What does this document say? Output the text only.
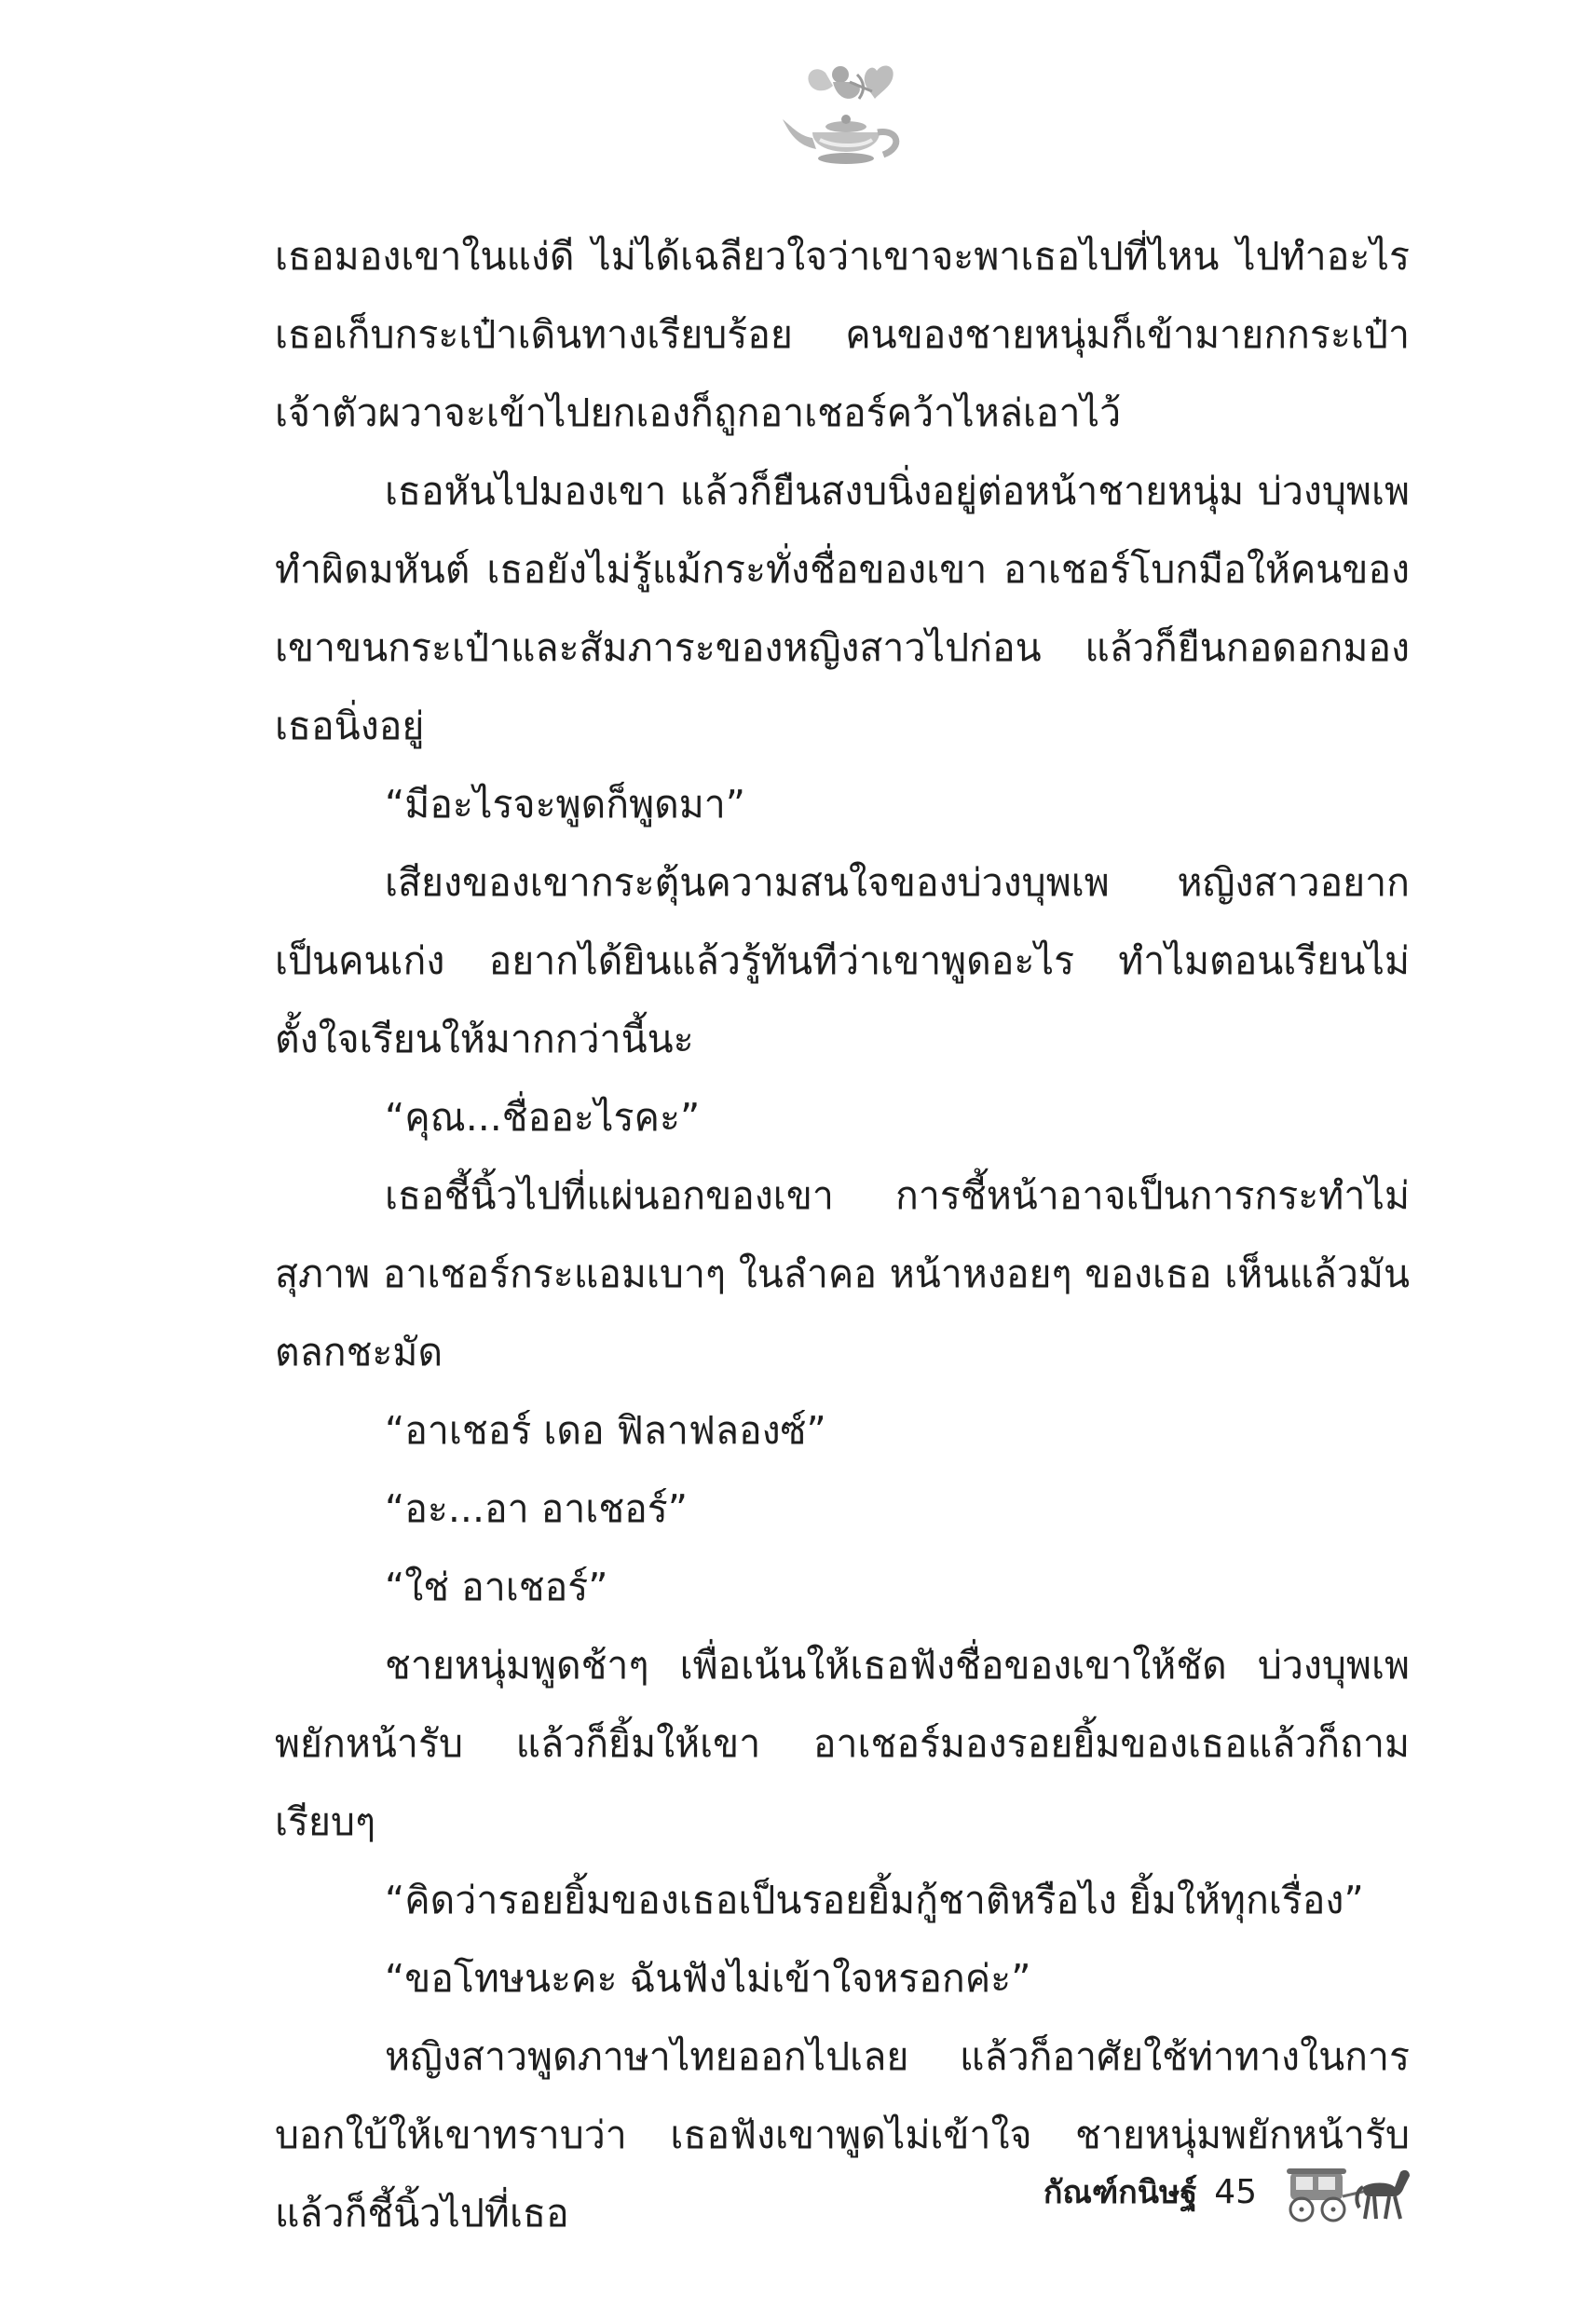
เธอมองเขาในแง่ดี ไม่ได้เฉลียวใจว่าเขาจะพาเธอไปที่ไหน ไปทำอะไร เธอเก็บกระเป๋าเดินทางเรียบร้อย คนของชายหนุ่มก็เข้ามายกกระเป๋า เจ้าตัวผวาจะเข้าไปยกเองก็ถูกอาเชอร์คว้าไหล่เอาไว้

เธอหันไปมองเขา แล้วก็ยืนสงบนิ่งอยู่ต่อหน้าชายหนุ่ม บ่วงบุพเพทำผิดมหันต์ เธอยังไม่รู้แม้กระทั่งชื่อของเขา อาเชอร์โบกมือให้คนของเขาขนกระเป๋าและสัมภาระของหญิงสาวไปก่อน แล้วก็ยืนกอดอกมองเธอนิ่งอยู่

“มีอะไรจะพูดก็พูดมา”

เสียงของเขากระตุ้นความสนใจของบ่วงบุพเพ หญิงสาวอยากเป็นคนเก่ง อยากได้ยินแล้วรู้ทันทีว่าเขาพูดอะไร ทำไมตอนเรียนไม่ตั้งใจเรียนให้มากกว่านี้นะ

“คุณ...ชื่ออะไรคะ”

เธอชี้นิ้วไปที่แผ่นอกของเขา การชี้หน้าอาจเป็นการกระทำไม่สุภาพ อาเชอร์กระแอมเบาๆ ในลำคอ หน้าหงอยๆ ของเธอ เห็นแล้วมันตลกชะมัด

“อาเชอร์ เดอ ฟิลาฟลองซ์”

“อะ...อา อาเชอร์”

“ใช่ อาเชอร์”

ชายหนุ่มพูดช้าๆ เพื่อเน้นให้เธอฟังชื่อของเขาให้ชัด บ่วงบุพเพพยักหน้ารับ แล้วก็ยิ้มให้เขา อาเชอร์มองรอยยิ้มของเธอแล้วก็ถามเรียบๆ

“คิดว่ารอยยิ้มของเธอเป็นรอยยิ้มกู้ชาติหรือไง ยิ้มให้ทุกเรื่อง”

“ขอโทษนะคะ ฉันฟังไม่เข้าใจหรอกค่ะ”

หญิงสาวพูดภาษาไทยออกไปเลย แล้วก็อาศัยใช้ท่าทางในการบอกใบ้ให้เขาทราบว่า เธอฟังเขาพูดไม่เข้าใจ ชายหนุ่มพยักหน้ารับแล้วก็ชี้นิ้วไปที่เธอ	กัณฑ์กนิษฐ์ 45
